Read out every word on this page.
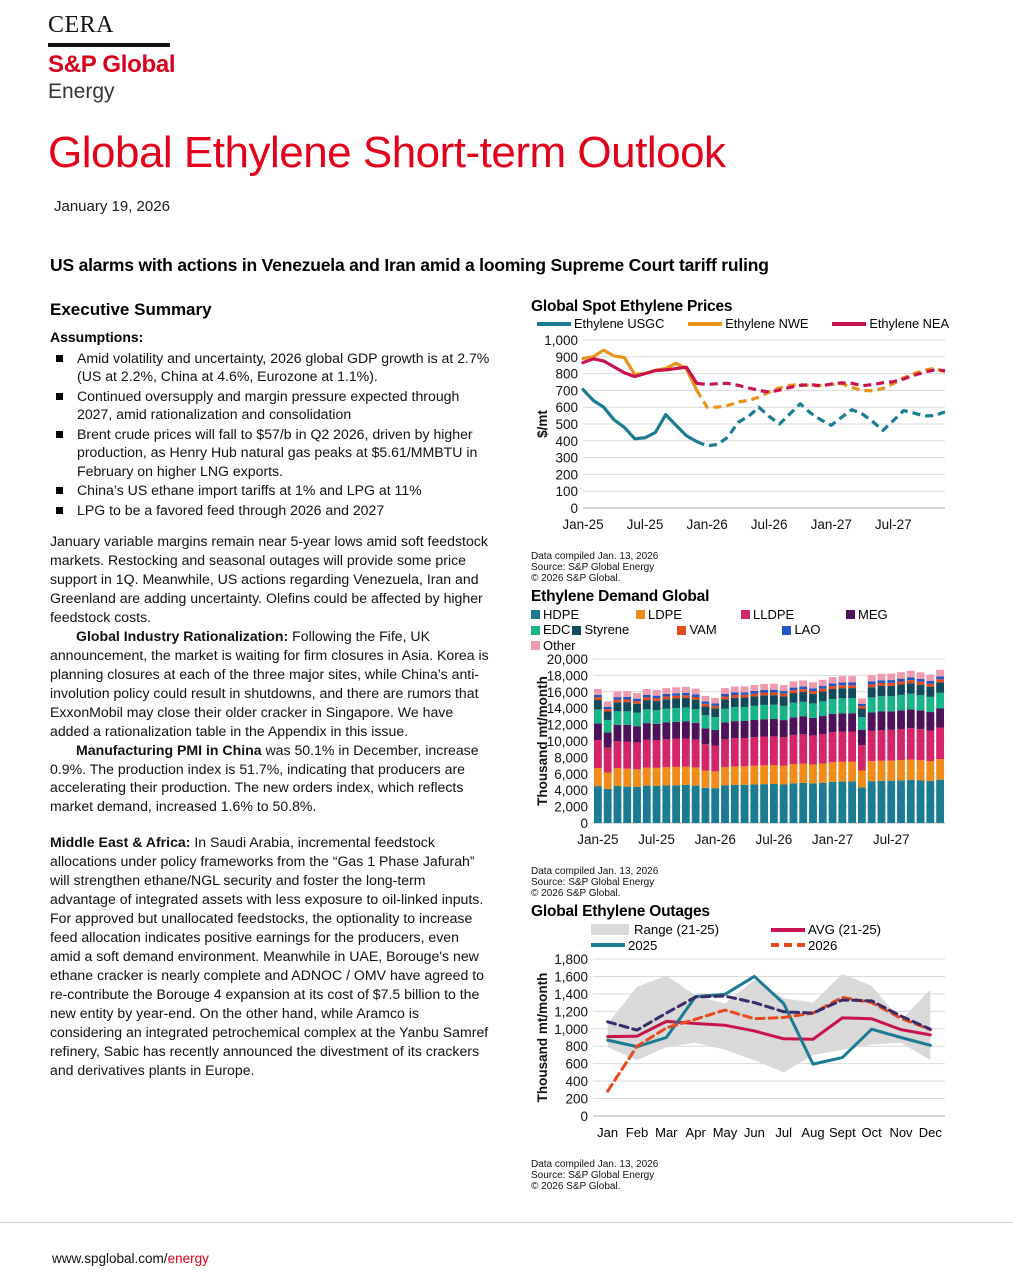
CERA
S&P Global
Energy
Global Ethylene Short-term Outlook
January 19, 2026
US alarms with actions in Venezuela and Iran amid a looming Supreme Court tariff ruling
Executive Summary
Assumptions:
Amid volatility and uncertainty, 2026 global GDP growth is at 2.7% (US at 2.2%, China at 4.6%, Eurozone at 1.1%).
Continued oversupply and margin pressure expected through 2027, amid rationalization and consolidation
Brent crude prices will fall to $57/b in Q2 2026, driven by higher production, as Henry Hub natural gas peaks at $5.61/MMBTU in February on higher LNG exports.
China’s US ethane import tariffs at 1% and LPG at 11%
LPG to be a favored feed through 2026 and 2027

January variable margins remain near 5-year lows amid soft feedstock markets. Restocking and seasonal outages will provide some price support in 1Q. Meanwhile, US actions regarding Venezuela, Iran and Greenland are adding uncertainty. Olefins could be affected by higher feedstock costs.

Global Industry Rationalization: Following the Fife, UK announcement, the market is waiting for firm closures in Asia. Korea is planning closures at each of the three major sites, while China’s anti-involution policy could result in shutdowns, and there are rumors that ExxonMobil may close their older cracker in Singapore. We have added a rationalization table in the Appendix in this issue.

Manufacturing PMI in China was 50.1% in December, increase 0.9%. The production index is 51.7%, indicating that producers are accelerating their production. The new orders index, which reflects market demand, increased 1.6% to 50.8%.

Middle East & Africa: In Saudi Arabia, incremental feedstock allocations under policy frameworks from the “Gas 1 Phase Jafurah” will strengthen ethane/NGL security and foster the long-term advantage of integrated assets with less exposure to oil-linked inputs. For approved but unallocated feedstocks, the optionality to increase feed allocation indicates positive earnings for the producers, even amid a soft demand environment. Meanwhile in UAE, Borouge's new ethane cracker is nearly complete and ADNOC / OMV have agreed to re-contribute the Borouge 4 expansion at its cost of $7.5 billion to the new entity by year-end. On the other hand, while Aramco is considering an integrated petrochemical complex at the Yanbu Samref refinery, Sabic has recently announced the divestment of its crackers and derivatives plants in Europe.

Global Spot Ethylene Prices
Ethylene USGC	Ethylene NWE	Ethylene NEA
0
100
200
300
400
500
600
700
800
900
1,000
Jan-25 Jul-25 Jan-26 Jul-26 Jan-27 Jul-27
$/mt
Data compiled Jan. 13, 2026
Source: S&P Global Energy
© 2026 S&P Global.
Ethylene Demand Global
HDPE	LDPE	LLDPE	MEG
EDC Styrene	VAM	LAO
Other
0
2,000
4,000
6,000
8,000
10,000
12,000
14,000
16,000
18,000
20,000
Thousand mt/month
Jan-25 Jul-25 Jan-26 Jul-26 Jan-27 Jul-27
Data compiled Jan. 13, 2026
Source: S&P Global Energy
© 2026 S&P Global.
Global Ethylene Outages
Range (21-25)	AVG (21-25)
2025	2026
0
200
400
600
800
1,000
1,200
1,400
1,600
1,800
Thousand mt/month
Jan Feb Mar Apr May Jun Jul Aug Sept Oct Nov Dec
Data compiled Jan. 13, 2026
Source: S&P Global Energy
© 2026 S&P Global.
www.spglobal.com/energy
